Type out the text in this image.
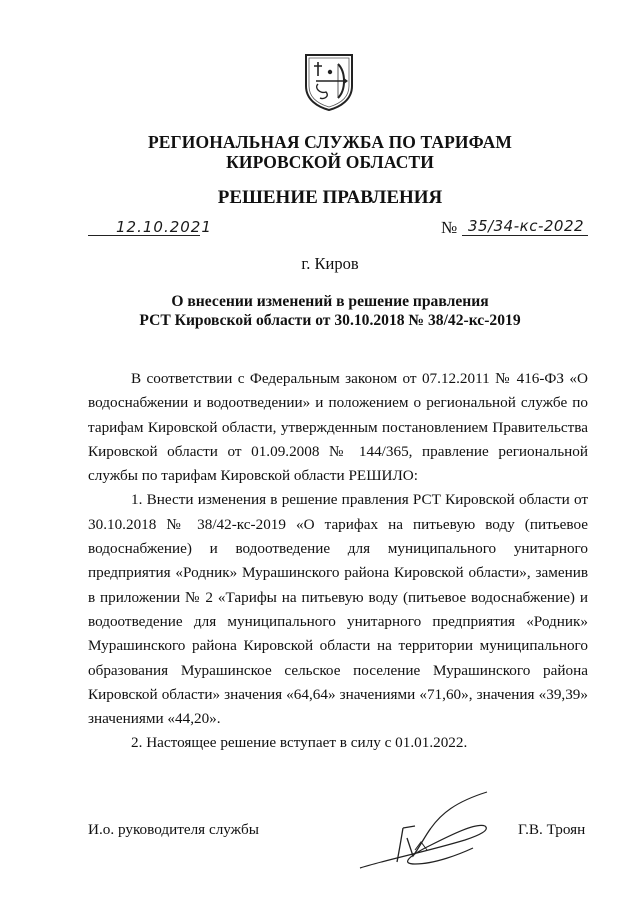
РЕГИОНАЛЬНАЯ СЛУЖБА ПО ТАРИФАМ
КИРОВСКОЙ ОБЛАСТИ
РЕШЕНИЕ ПРАВЛЕНИЯ
12.10.2021	№ 35/34-кс-2022
г. Киров
О внесении изменений в решение правления
РСТ Кировской области от 30.10.2018 № 38/42-кс-2019

В соответствии с Федеральным законом от 07.12.2011 № 416-ФЗ «О водоснабжении и водоотведении» и положением о региональной службе по тарифам Кировской области, утвержденным постановлением Правительства Кировской области от 01.09.2008 № 144/365, правление региональной службы по тарифам Кировской области РЕШИЛО:

1. Внести изменения в решение правления РСТ Кировской области от 30.10.2018 № 38/42-кс-2019 «О тарифах на питьевую воду (питьевое водоснабжение) и водоотведение для муниципального унитарного предприятия «Родник» Мурашинского района Кировской области», заменив в приложении № 2 «Тарифы на питьевую воду (питьевое водоснабжение) и водоотведение для муниципального унитарного предприятия «Родник» Мурашинского района Кировской области на территории муниципального образования Мурашинское сельское поселение Мурашинского района Кировской области» значения «64,64» значениями «71,60», значения «39,39» значениями «44,20».

2. Настоящее решение вступает в силу с 01.01.2022.

И.о. руководителя службы	Г.В. Троян
